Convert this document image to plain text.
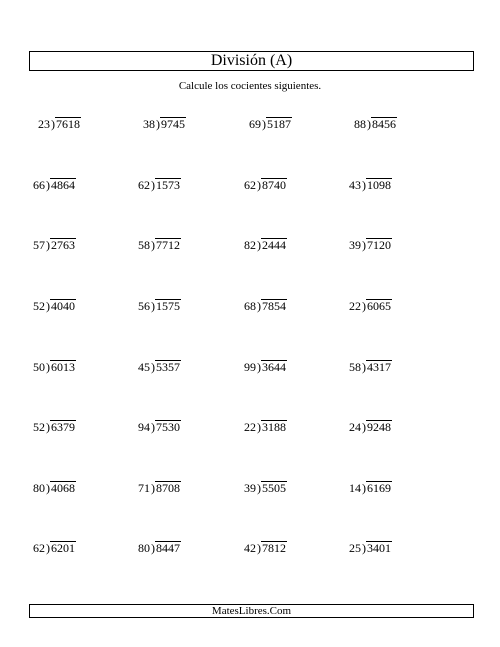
División (A)
Calcule los cocientes siguientes.
23)7618	38)9745	69)5187	88)8456
66)4864	62)1573	62)8740	43)1098
57)2763	58)7712	82)2444	39)7120
52)4040	56)1575	68)7854	22)6065
50)6013	45)5357	99)3644	58)4317
52)6379	94)7530	22)3188	24)9248
80)4068	71)8708	39)5505	14)6169
62)6201	80)8447	42)7812	25)3401
MatesLibres.Com
